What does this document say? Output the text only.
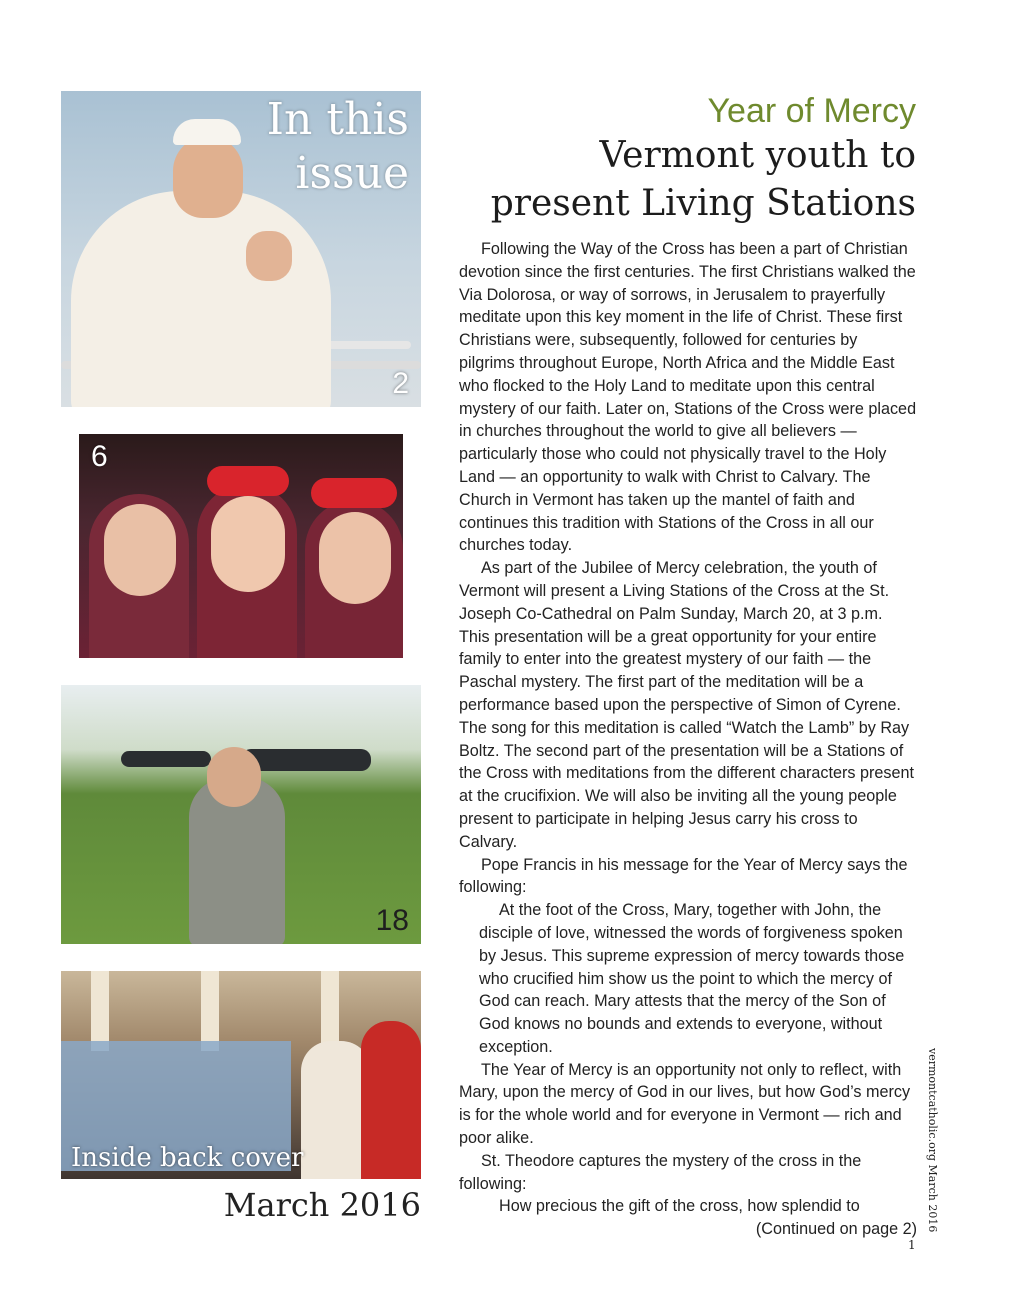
In this
issue
2
6
18
Inside back cover
March 2016
Year of Mercy
Vermont youth to
present Living Stations

Following the Way of the Cross has been a part of Christian devotion since the first centuries. The first Christians walked the Via Dolorosa, or way of sorrows, in Jerusalem to prayerfully meditate upon this key moment in the life of Christ. These first Christians were, subsequently, followed for centuries by pilgrims throughout Europe, North Africa and the Middle East who flocked to the Holy Land to meditate upon this central mystery of our faith. Later on, Stations of the Cross were placed in churches throughout the world to give all believers — particularly those who could not physically travel to the Holy Land — an opportunity to walk with Christ to Calvary. The Church in Vermont has taken up the mantel of faith and continues this tradition with Stations of the Cross in all our churches today.

As part of the Jubilee of Mercy celebration, the youth of Vermont will present a Living Stations of the Cross at the St. Joseph Co-Cathedral on Palm Sunday, March 20, at 3 p.m. This presentation will be a great opportunity for your entire family to enter into the greatest mystery of our faith — the Paschal mystery. The first part of the meditation will be a performance based upon the perspective of Simon of Cyrene. The song for this meditation is called “Watch the Lamb” by Ray Boltz. The second part of the presentation will be a Stations of the Cross with meditations from the different characters present at the crucifixion. We will also be inviting all the young people present to participate in helping Jesus carry his cross to Calvary.

Pope Francis in his message for the Year of Mercy says the following:

At the foot of the Cross, Mary, together with John, the disciple of love, witnessed the words of forgiveness spoken by Jesus. This supreme expression of mercy towards those who crucified him show us the point to which the mercy of God can reach. Mary attests that the mercy of the Son of God knows no bounds and extends to everyone, without exception.

The Year of Mercy is an opportunity not only to reflect, with Mary, upon the mercy of God in our lives, but how God’s mercy is for the whole world and for everyone in Vermont — rich and poor alike.

St. Theodore captures the mystery of the cross in the following:

How precious the gift of the cross, how splendid to

(Continued on page 2) vermontcatholic.org March 2016
1
